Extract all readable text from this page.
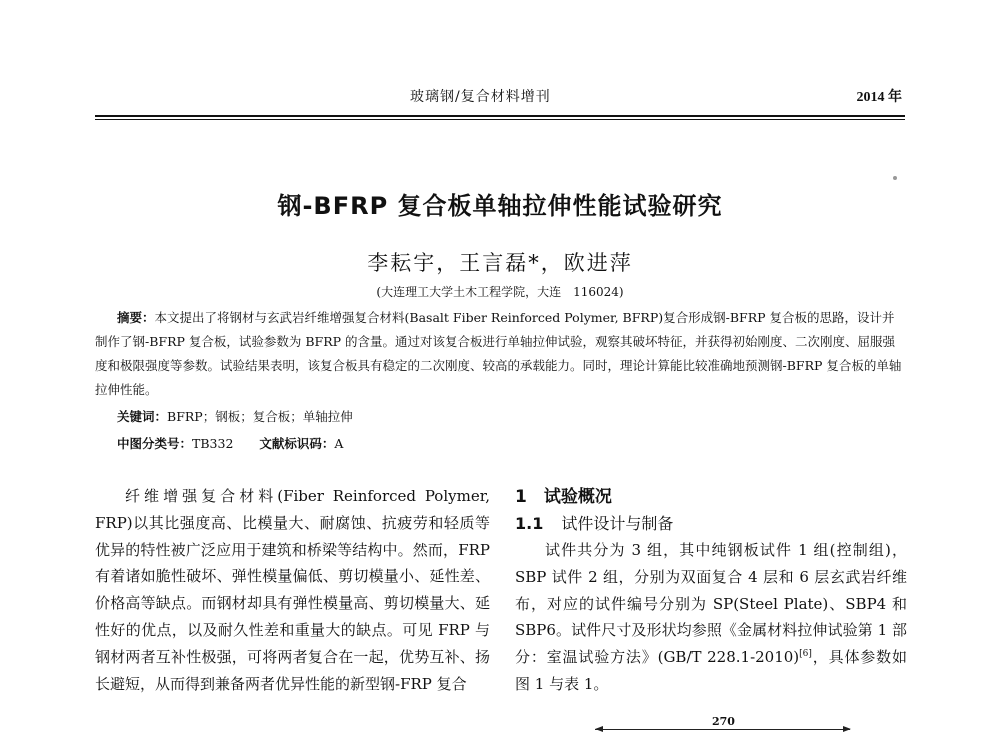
玻璃钢/复合材料增刊	2014 年
钢-BFRP 复合板单轴拉伸性能试验研究
李耘宇，王言磊*，欧进萍
(大连理工大学土木工程学院，大连　116024)
摘要：本文提出了将钢材与玄武岩纤维增强复合材料(Basalt Fiber Reinforced Polymer, BFRP)复合形成钢-BFRP 复合板的思路，设计并制作了钢-BFRP 复合板，试验参数为 BFRP 的含量。通过对该复合板进行单轴拉伸试验，观察其破坏特征，并获得初始刚度、二次刚度、屈服强度和极限强度等参数。试验结果表明，该复合板具有稳定的二次刚度、较高的承载能力。同时，理论计算能比较准确地预测钢-BFRP 复合板的单轴拉伸性能。
关键词：BFRP；钢板；复合板；单轴拉伸
中图分类号：TB332 文献标识码：A

纤维增强复合材料(Fiber Reinforced Polymer, FRP)以其比强度高、比模量大、耐腐蚀、抗疲劳和轻质等优异的特性被广泛应用于建筑和桥梁等结构中。然而，FRP 有着诸如脆性破坏、弹性模量偏低、剪切模量小、延性差、价格高等缺点。而钢材却具有弹性模量高、剪切模量大、延性好的优点，以及耐久性差和重量大的缺点。可见 FRP 与钢材两者互补性极强，可将两者复合在一起，优势互补、扬长避短，从而得到兼备两者优异性能的新型钢-FRP 复合

1　试验概况
1.1 试件设计与制备

试件共分为 3 组，其中纯钢板试件 1 组(控制组)，SBP 试件 2 组，分别为双面复合 4 层和 6 层玄武岩纤维布，对应的试件编号分别为 SP(Steel Plate)、SBP4 和 SBP6。试件尺寸及形状均参照《金属材料拉伸试验第 1 部分：室温试验方法》(GB/T 228.1-2010)[6]，具体参数如图 1 与表 1。

270
